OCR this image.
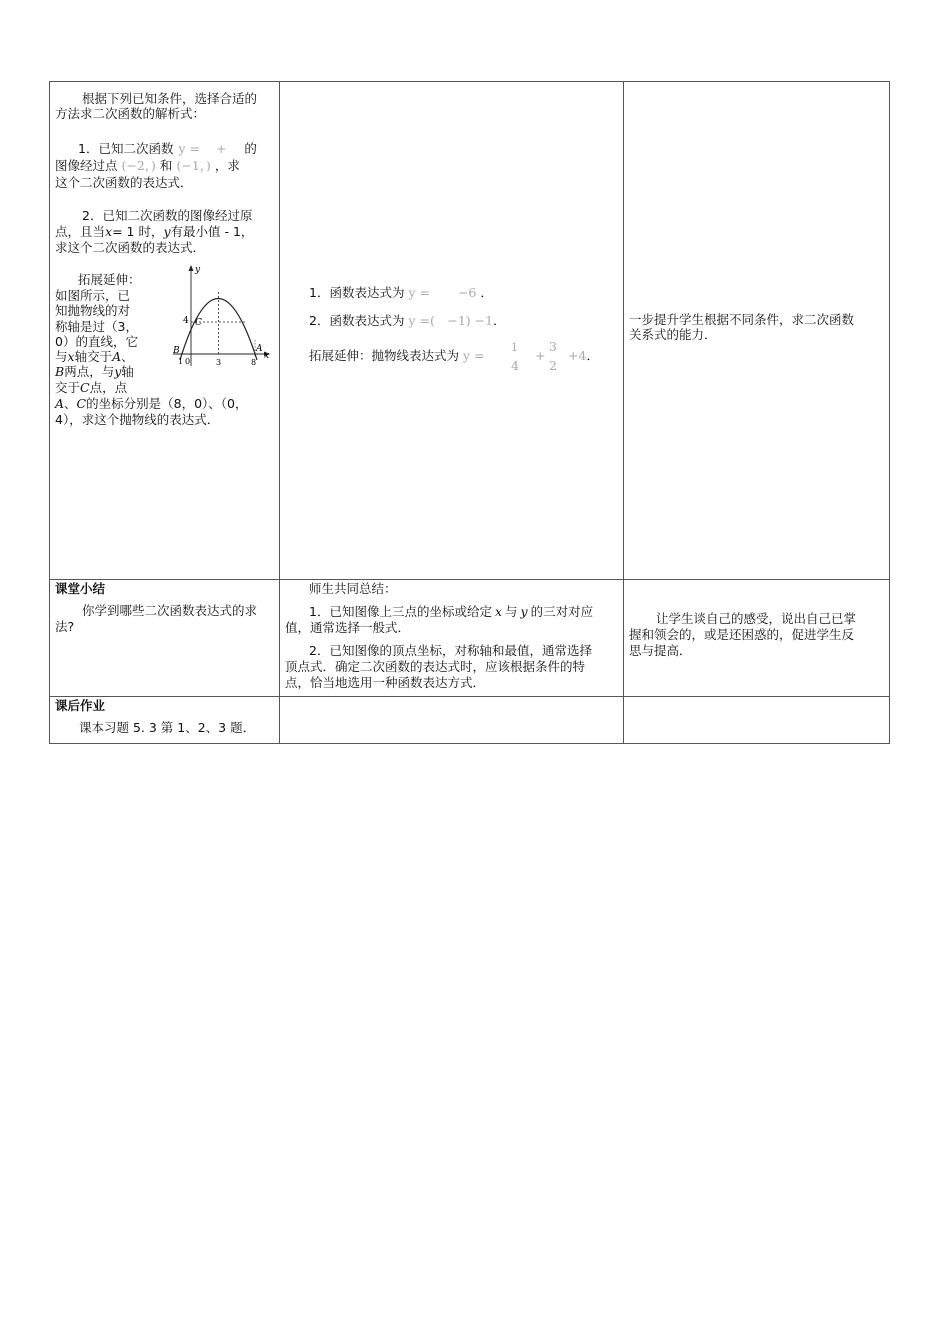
根据下列已知条件，选择合适的
方法求二次函数的解析式：
1．已知二次函数 y = + 的
图像经过点 (−2，) 和 (−1，) ，求
这个二次函数的表达式．
2．已知二次函数的图像经过原
点，且当x= 1 时，y有最小值 - 1，
求这个二次函数的表达式．
拓展延伸：
如图所示，已
知抛物线的对
称轴是过（3，
0）的直线，它
与x轴交于A、
B两点，与y轴
交于C点，点
A、C的坐标分别是（8，0）、（0，
4），求这个抛物线的表达式．
y
x
4 C
B
1 0	3	8
A
1．函数表达式为 y = −6 ．
2．函数表达式为 y =(　−1) −1．
拓展延伸：抛物线表达式为 y =
1
4
+
3
2
+4．
一步提升学生根据不同条件，求二次函数
关系式的能力．
课堂小结
你学到哪些二次函数表达式的求
法?
师生共同总结：
1．已知图像上三点的坐标或给定 x 与 y 的三对对应
值，通常选择一般式．
2．已知图像的顶点坐标，对称轴和最值，通常选择
顶点式．确定二次函数的表达式时，应该根据条件的特
点，恰当地选用一种函数表达方式．
让学生谈自己的感受，说出自己已掌
握和领会的，或是还困惑的，促进学生反
思与提高．
课后作业
课本习题 5. 3 第 1、2、3 题．
